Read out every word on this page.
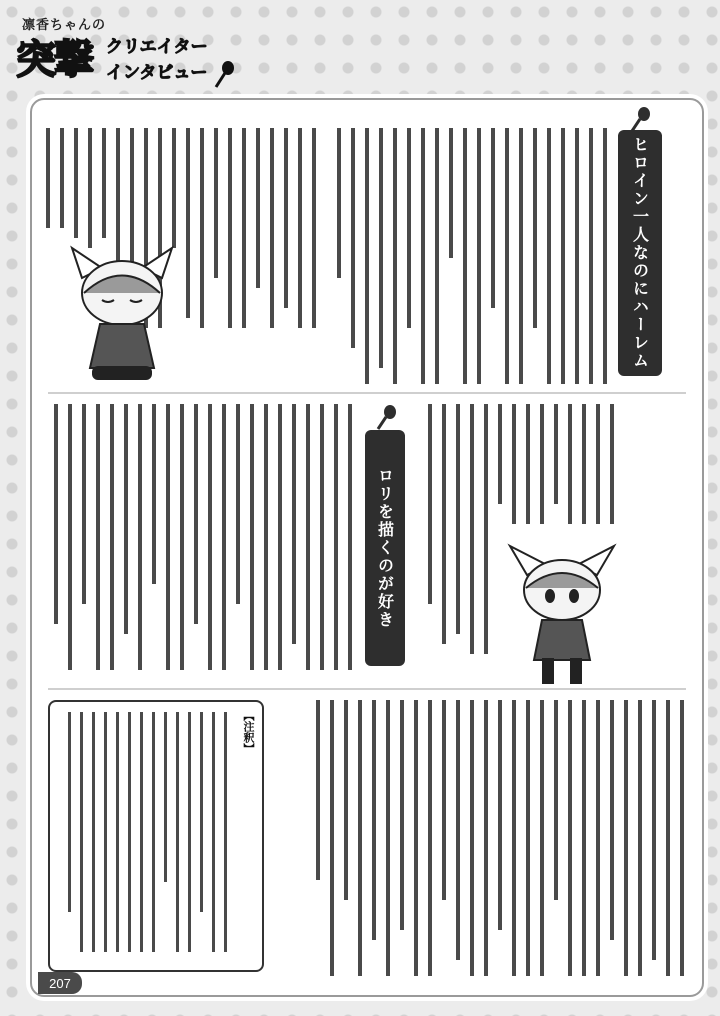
凛香ちゃんの
突撃 クリエイター
インタビュー
ヒロイン一人なのにハーレム
ロリを描くのが好き
【注釈】
207
